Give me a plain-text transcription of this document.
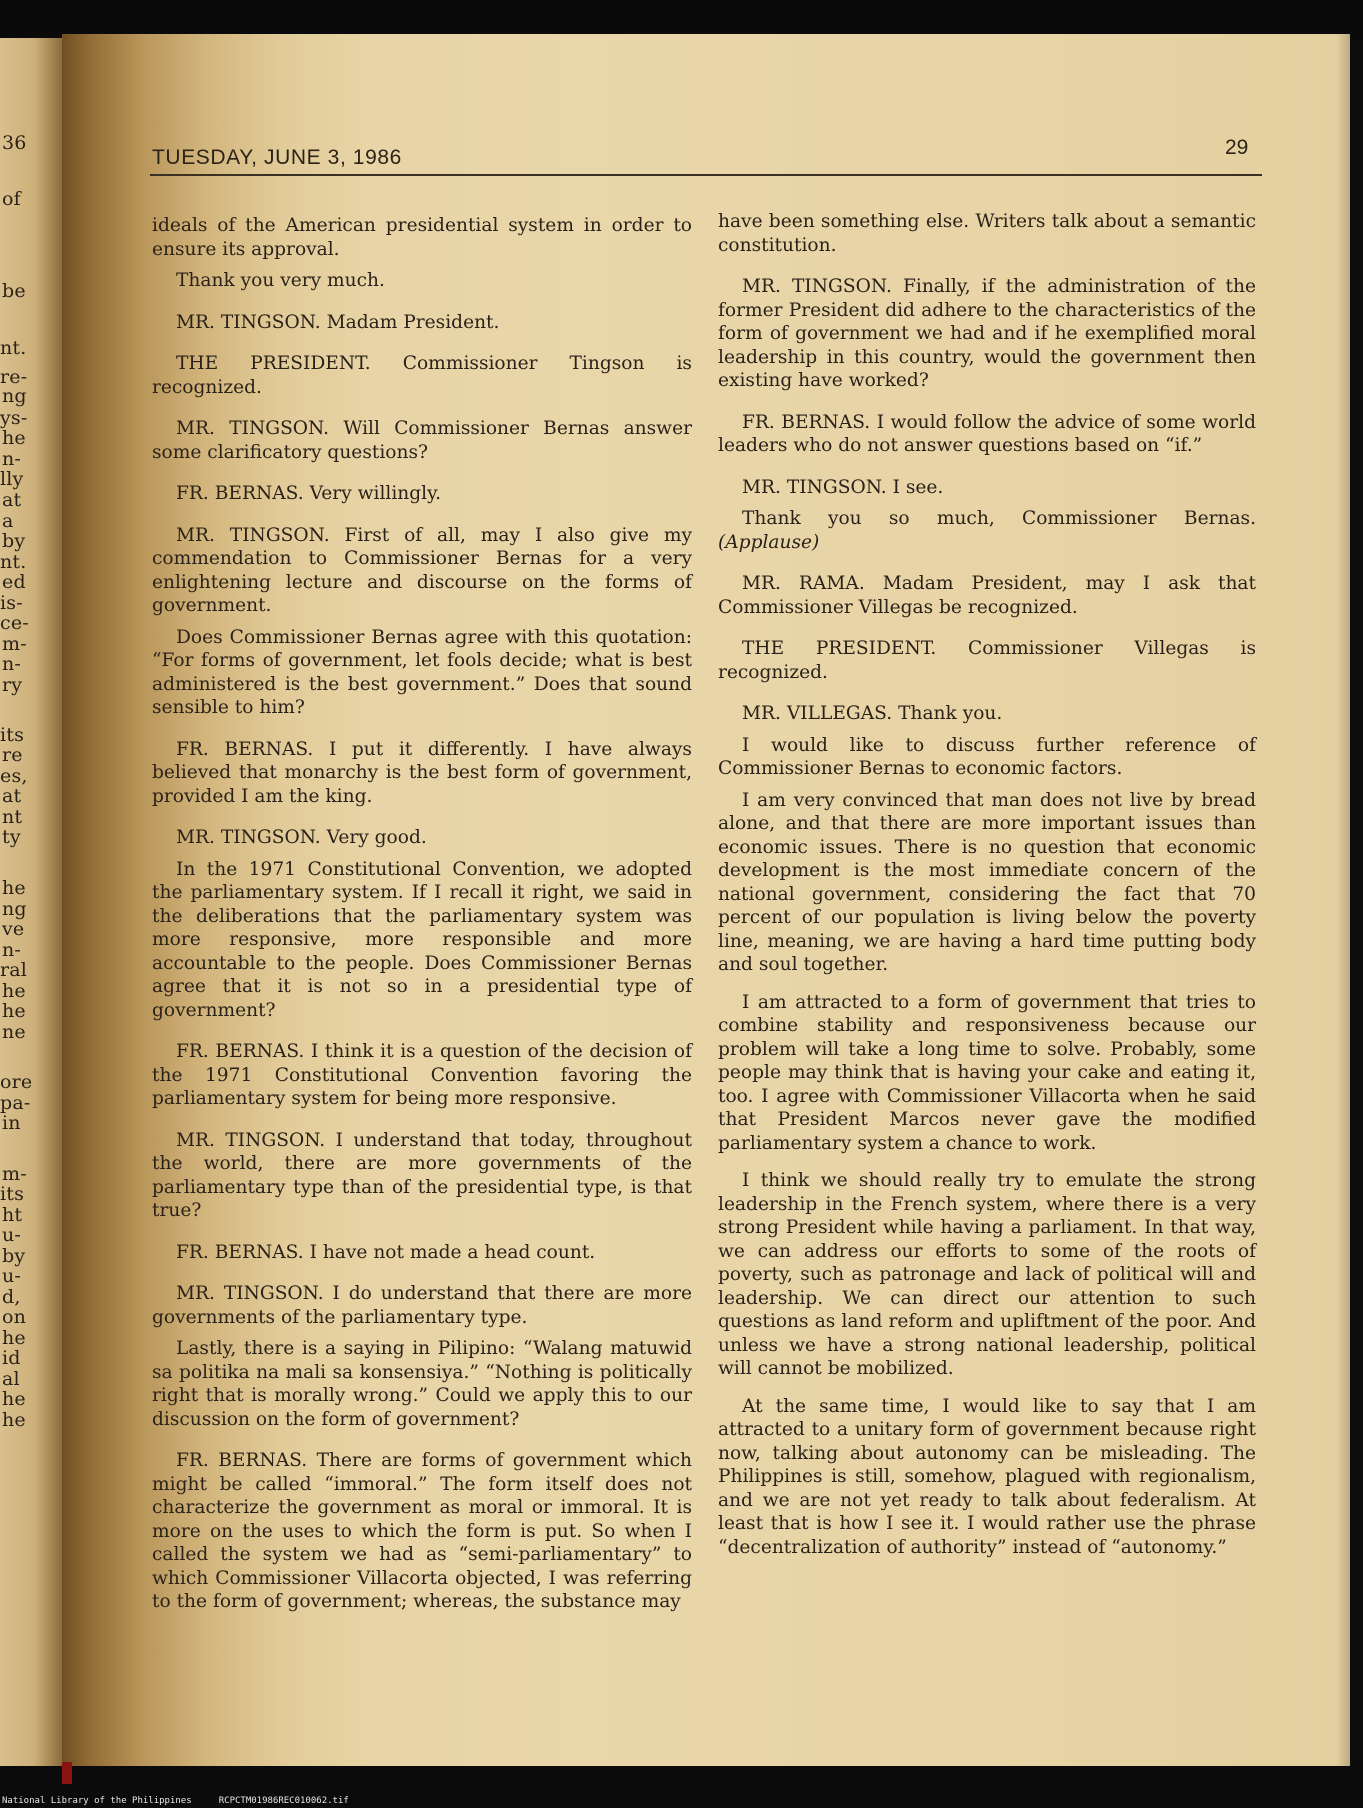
36
of
be
nt.
re-
ng
ys-
he
n-
lly
at
a
by
nt.
ed
is-
ce-
m-
n-
ry
its
re
es,
at
nt
ty
he
ng
ve
n-
ral
he
he
ne
ore
pa-
in
m-
its
ht
u-
by
u-
d,
on
he
id
al
he
he
TUESDAY, JUNE 3, 1986	29

ideals of the American presidential system in order to ensure its approval.

Thank you very much.

MR. TINGSON. Madam President.

THE PRESIDENT. Commissioner Tingson is recognized.

MR. TINGSON. Will Commissioner Bernas answer some clarificatory questions?

FR. BERNAS. Very willingly.

MR. TINGSON. First of all, may I also give my commendation to Commissioner Bernas for a very enlightening lecture and discourse on the forms of government.

Does Commissioner Bernas agree with this quotation: “For forms of government, let fools decide; what is best administered is the best government.” Does that sound sensible to him?

FR. BERNAS. I put it differently. I have always believed that monarchy is the best form of government, provided I am the king.

MR. TINGSON. Very good.

In the 1971 Constitutional Convention, we adopted the parliamentary system. If I recall it right, we said in the deliberations that the parliamentary system was more responsive, more responsible and more accountable to the people. Does Commissioner Bernas agree that it is not so in a presidential type of government?

FR. BERNAS. I think it is a question of the decision of the 1971 Constitutional Convention favoring the parliamentary system for being more responsive.

MR. TINGSON. I understand that today, throughout the world, there are more governments of the parliamentary type than of the presidential type, is that true?

FR. BERNAS. I have not made a head count.

MR. TINGSON. I do understand that there are more governments of the parliamentary type.

Lastly, there is a saying in Pilipino: “Walang matuwid sa politika na mali sa konsensiya.” “Nothing is politically right that is morally wrong.” Could we apply this to our discussion on the form of government?

FR. BERNAS. There are forms of government which might be called “immoral.” The form itself does not characterize the government as moral or immoral. It is more on the uses to which the form is put. So when I called the system we had as “semi-parliamentary” to which Commissioner Villacorta objected, I was referring to the form of government; whereas, the substance may

have been something else. Writers talk about a semantic constitution.

MR. TINGSON. Finally, if the administration of the former President did adhere to the characteristics of the form of government we had and if he exemplified moral leadership in this country, would the government then existing have worked?

FR. BERNAS. I would follow the advice of some world leaders who do not answer questions based on “if.”

MR. TINGSON. I see.

Thank you so much, Commissioner Bernas. (Applause)

MR. RAMA. Madam President, may I ask that Commissioner Villegas be recognized.

THE PRESIDENT. Commissioner Villegas is recognized.

MR. VILLEGAS. Thank you.

I would like to discuss further reference of Commissioner Bernas to economic factors.

I am very convinced that man does not live by bread alone, and that there are more important issues than economic issues. There is no question that economic development is the most immediate concern of the national government, considering the fact that 70 percent of our population is living below the poverty line, meaning, we are having a hard time putting body and soul together.

I am attracted to a form of government that tries to combine stability and responsiveness because our problem will take a long time to solve. Probably, some people may think that is having your cake and eating it, too. I agree with Commissioner Villacorta when he said that President Marcos never gave the modified parliamentary system a chance to work.

I think we should really try to emulate the strong leadership in the French system, where there is a very strong President while having a parliament. In that way, we can address our efforts to some of the roots of poverty, such as patronage and lack of political will and leadership. We can direct our attention to such questions as land reform and upliftment of the poor. And unless we have a strong national leadership, political will cannot be mobilized.

At the same time, I would like to say that I am attracted to a unitary form of government because right now, talking about autonomy can be misleading. The Philippines is still, somehow, plagued with regionalism, and we are not yet ready to talk about federalism. At least that is how I see it. I would rather use the phrase “decentralization of authority” instead of “autonomy.”

National Library of the Philippines     RCPCTM01986REC010062.tif
